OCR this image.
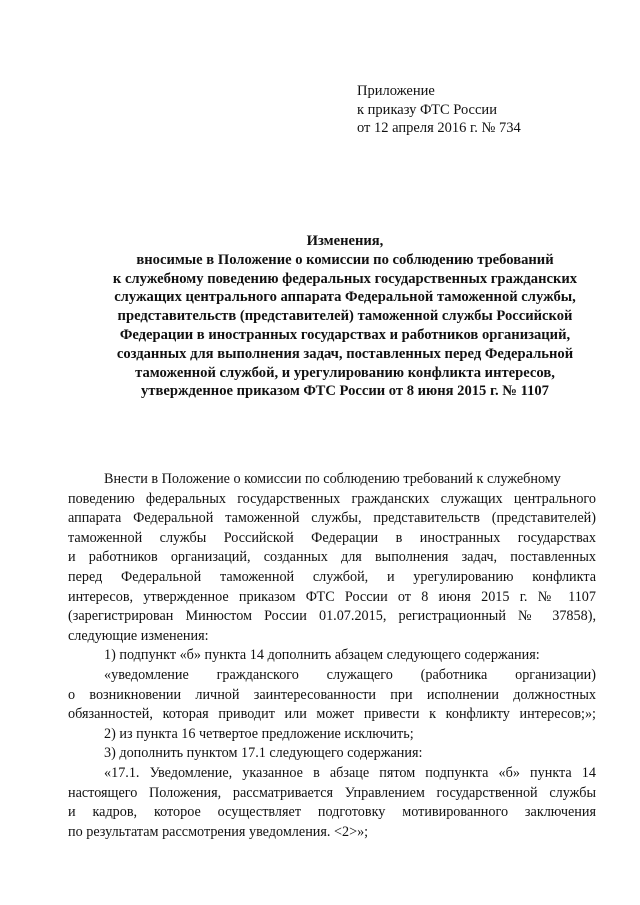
Приложение
к приказу ФТС России
от 12 апреля 2016 г. № 734
Изменения,
вносимые в Положение о комиссии по соблюдению требований
к служебному поведению федеральных государственных гражданских
служащих центрального аппарата Федеральной таможенной службы,
представительств (представителей) таможенной службы Российской
Федерации в иностранных государствах и работников организаций,
созданных для выполнения задач, поставленных перед Федеральной
таможенной службой, и урегулированию конфликта интересов,
утвержденное приказом ФТС России от 8 июня 2015 г. № 1107
Внести в Положение о комиссии по соблюдению требований к служебному
поведению федеральных государственных гражданских служащих центрального
аппарата Федеральной таможенной службы, представительств (представителей)
таможенной службы Российской Федерации в иностранных государствах
и работников организаций, созданных для выполнения задач, поставленных
перед Федеральной таможенной службой, и урегулированию конфликта
интересов, утвержденное приказом ФТС России от 8 июня 2015 г. № 1107
(зарегистрирован Минюстом России 01.07.2015, регистрационный № 37858),
следующие изменения:
1) подпункт «б» пункта 14 дополнить абзацем следующего содержания:
«уведомление гражданского служащего (работника организации)
о возникновении личной заинтересованности при исполнении должностных
обязанностей, которая приводит или может привести к конфликту интересов;»;
2) из пункта 16 четвертое предложение исключить;
3) дополнить пунктом 17.1 следующего содержания:
«17.1. Уведомление, указанное в абзаце пятом подпункта «б» пункта 14
настоящего Положения, рассматривается Управлением государственной службы
и кадров, которое осуществляет подготовку мотивированного заключения
по результатам рассмотрения уведомления. <2>»;
